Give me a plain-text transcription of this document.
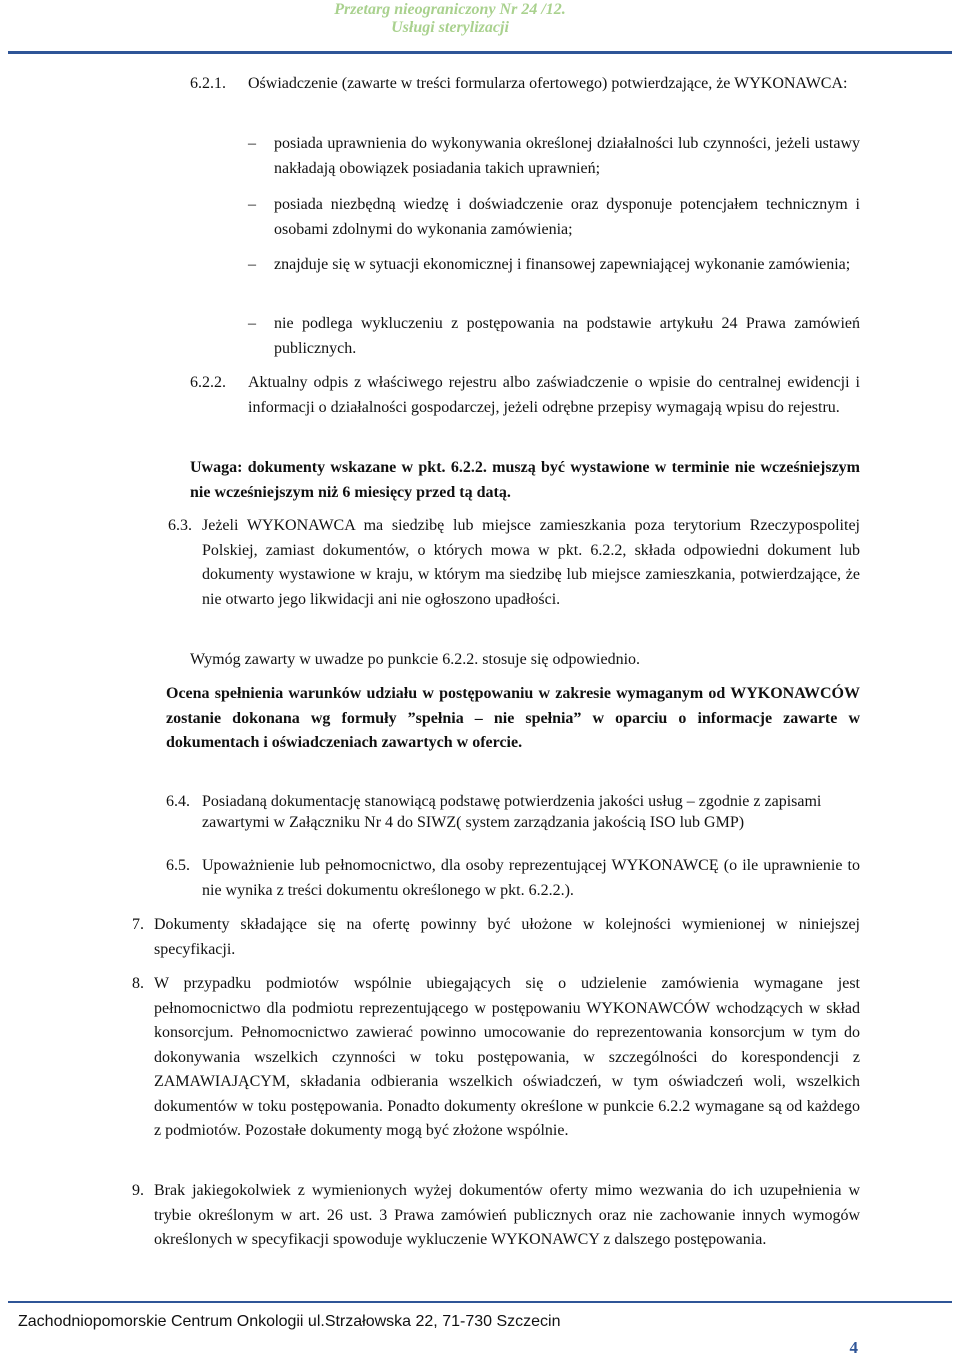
Przetarg nieograniczony Nr 24 /12.
Usługi sterylizacji

6.2.1. Oświadczenie (zawarte w treści formularza ofertowego) potwierdzające, że WYKONAWCA:

– posiada uprawnienia do wykonywania określonej działalności lub czynności, jeżeli ustawy nakładają obowiązek posiadania takich uprawnień;

– posiada niezbędną wiedzę i doświadczenie oraz dysponuje potencjałem technicznym i osobami zdolnymi do wykonania zamówienia;

– znajduje się w sytuacji ekonomicznej i finansowej zapewniającej wykonanie zamówienia;

– nie podlega wykluczeniu z postępowania na podstawie artykułu 24 Prawa zamówień publicznych.

6.2.2. Aktualny odpis z właściwego rejestru albo zaświadczenie o wpisie do centralnej ewidencji i informacji o działalności gospodarczej, jeżeli odrębne przepisy wymagają wpisu do rejestru.

Uwaga: dokumenty wskazane w pkt. 6.2.2. muszą być wystawione w terminie nie wcześniejszym nie wcześniejszym niż 6 miesięcy przed tą datą.

6.3. Jeżeli WYKONAWCA ma siedzibę lub miejsce zamieszkania poza terytorium Rzeczypospolitej Polskiej, zamiast dokumentów, o których mowa w pkt. 6.2.2, składa odpowiedni dokument lub dokumenty wystawione w kraju, w którym ma siedzibę lub miejsce zamieszkania, potwierdzające, że nie otwarto jego likwidacji ani nie ogłoszono upadłości.

Wymóg zawarty w uwadze po punkcie 6.2.2. stosuje się odpowiednio.

Ocena spełnienia warunków udziału w postępowaniu w zakresie wymaganym od WYKONAWCÓW zostanie dokonana wg formuły ”spełnia – nie spełnia” w oparciu o informacje zawarte w dokumentach i oświadczeniach zawartych w ofercie.

6.4. Posiadaną dokumentację stanowiącą podstawę potwierdzenia jakości usług – zgodnie z zapisami zawartymi w Załączniku Nr 4 do SIWZ( system zarządzania jakością ISO lub GMP)

6.5. Upoważnienie lub pełnomocnictwo, dla osoby reprezentującej WYKONAWCĘ (o ile uprawnienie to nie wynika z treści dokumentu określonego w pkt. 6.2.2.).

7. Dokumenty składające się na ofertę powinny być ułożone w kolejności wymienionej w niniejszej specyfikacji.

8. W przypadku podmiotów wspólnie ubiegających się o udzielenie zamówienia wymagane jest pełnomocnictwo dla podmiotu reprezentującego w postępowaniu WYKONAWCÓW wchodzących w skład konsorcjum. Pełnomocnictwo zawierać powinno umocowanie do reprezentowania konsorcjum w tym do dokonywania wszelkich czynności w toku postępowania, w szczególności do korespondencji z ZAMAWIAJĄCYM, składania odbierania wszelkich oświadczeń, w tym oświadczeń woli, wszelkich dokumentów w toku postępowania. Ponadto dokumenty określone w punkcie 6.2.2 wymagane są od każdego z podmiotów. Pozostałe dokumenty mogą być złożone wspólnie.

9. Brak jakiegokolwiek z wymienionych wyżej dokumentów oferty mimo wezwania do ich uzupełnienia w trybie określonym w art. 26 ust. 3 Prawa zamówień publicznych oraz nie zachowanie innych wymogów określonych w specyfikacji spowoduje wykluczenie WYKONAWCY z dalszego postępowania.

Zachodniopomorskie Centrum Onkologii ul.Strzałowska 22, 71-730 Szczecin
4
